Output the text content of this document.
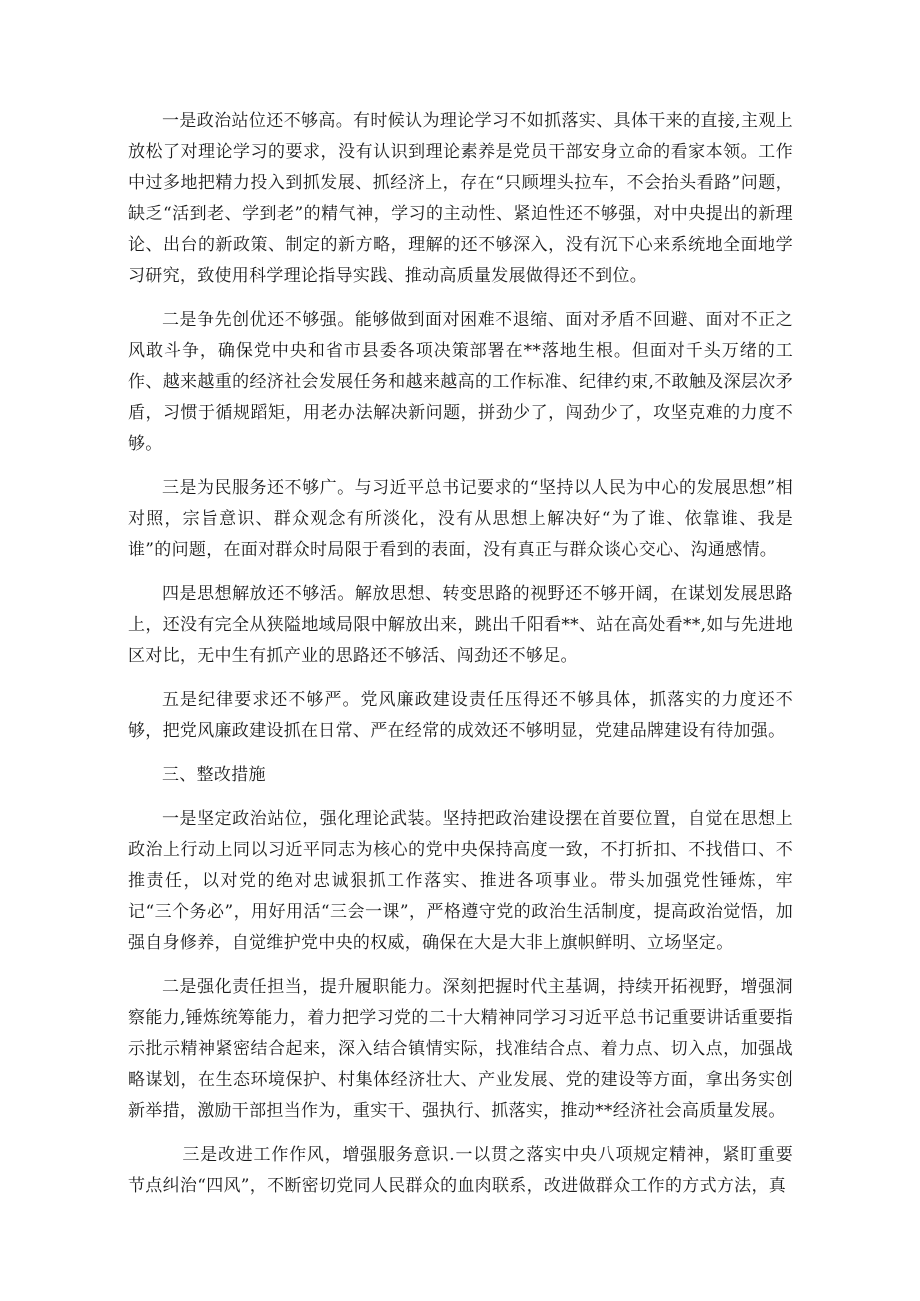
一是政治站位还不够高。有时候认为理论学习不如抓落实、具体干来的直接,主观上放松了对理论学习的要求，没有认识到理论素养是党员干部安身立命的看家本领。工作中过多地把精力投入到抓发展、抓经济上，存在“只顾埋头拉车，不会抬头看路”问题，缺乏“活到老、学到老”的精气神，学习的主动性、紧迫性还不够强，对中央提出的新理论、出台的新政策、制定的新方略，理解的还不够深入，没有沉下心来系统地全面地学习研究，致使用科学理论指导实践、推动高质量发展做得还不到位。

二是争先创优还不够强。能够做到面对困难不退缩、面对矛盾不回避、面对不正之风敢斗争，确保党中央和省市县委各项决策部署在**落地生根。但面对千头万绪的工作、越来越重的经济社会发展任务和越来越高的工作标准、纪律约束,不敢触及深层次矛盾，习惯于循规蹈矩，用老办法解决新问题，拼劲少了，闯劲少了，攻坚克难的力度不够。

三是为民服务还不够广。与习近平总书记要求的“坚持以人民为中心的发展思想”相对照，宗旨意识、群众观念有所淡化，没有从思想上解决好“为了谁、依靠谁、我是谁”的问题，在面对群众时局限于看到的表面，没有真正与群众谈心交心、沟通感情。

四是思想解放还不够活。解放思想、转变思路的视野还不够开阔，在谋划发展思路上，还没有完全从狭隘地域局限中解放出来，跳出千阳看**、站在高处看**,如与先进地区对比，无中生有抓产业的思路还不够活、闯劲还不够足。

五是纪律要求还不够严。党风廉政建设责任压得还不够具体，抓落实的力度还不够，把党风廉政建设抓在日常、严在经常的成效还不够明显，党建品牌建设有待加强。

三、整改措施

一是坚定政治站位，强化理论武装。坚持把政治建设摆在首要位置，自觉在思想上政治上行动上同以习近平同志为核心的党中央保持高度一致，不打折扣、不找借口、不推责任，以对党的绝对忠诚狠抓工作落实、推进各项事业。带头加强党性锤炼，牢记“三个务必”，用好用活“三会一课”，严格遵守党的政治生活制度，提高政治觉悟，加强自身修养，自觉维护党中央的权威，确保在大是大非上旗帜鲜明、立场坚定。

二是强化责任担当，提升履职能力。深刻把握时代主基调，持续开拓视野，增强洞察能力,锤炼统筹能力，着力把学习党的二十大精神同学习习近平总书记重要讲话重要指示批示精神紧密结合起来，深入结合镇情实际，找准结合点、着力点、切入点，加强战略谋划，在生态环境保护、村集体经济壮大、产业发展、党的建设等方面，拿出务实创新举措，激励干部担当作为，重实干、强执行、抓落实，推动**经济社会高质量发展。

三是改进工作作风，增强服务意识.一以贯之落实中央八项规定精神，紧盯重要节点纠治“四风”，不断密切党同人民群众的血肉联系，改进做群众工作的方式方法，真
